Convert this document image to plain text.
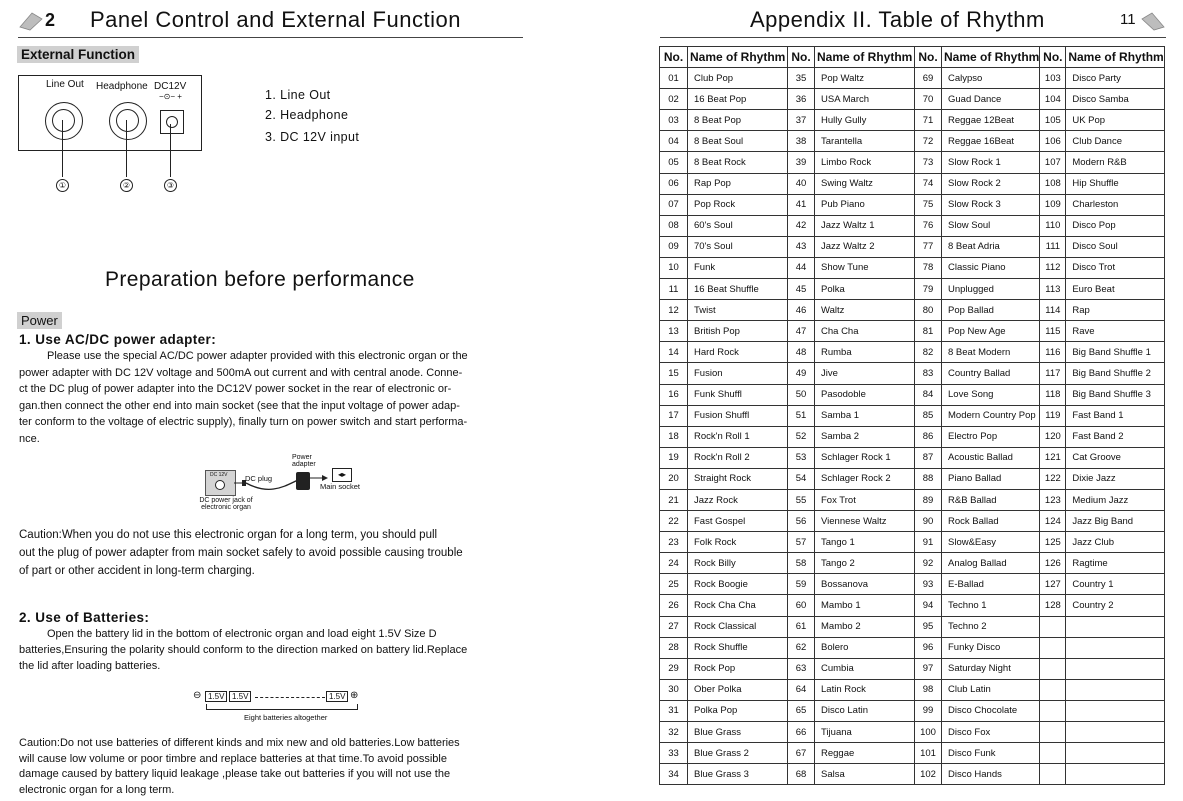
2 Panel Control and External Function
External Function
Line Out Headphone DC12V
−⊙− +
①	②	③
1. Line Out
2. Headphone
3. DC 12V input
Preparation before performance
Power
1. Use AC/DC power adapter:
Please use the special AC/DC power adapter provided with this electronic organ or the
power adapter with DC 12V voltage and 500mA out current and with central anode. Conne-
ct the DC plug of power adapter into the DC12V power socket in the rear of electronic or-
gan.then connect the other end into main socket (see that the input voltage of power adap-
ter conform to the voltage of electric supply), finally turn on power switch and start performa-
nce.
DC 12V DC plug
Power adapter
◂▸
Main socket
DC power jack of electronic organ
Caution:When you do not use this electronic organ for a long term, you should pull
out the plug of power adapter from main socket safely to avoid possible causing trouble
of part or other accident in long-term charging.
2. Use of Batteries:
Open the battery lid in the bottom of electronic organ and load eight 1.5V Size D
batteries,Ensuring the polarity should conform to the direction marked on battery lid.Replace
the lid after loading batteries.
⊖ 1.5V 1.5V	1.5V ⊕
Eight batteries altogether
Caution:Do not use batteries of different kinds and mix new and old batteries.Low batteries
will cause low volume or poor timbre and replace batteries at that time.To avoid possible
damage caused by battery liquid leakage ,please take out batteries if you will not use the
electronic organ for a long term.
Appendix II. Table of Rhythm	11
No.	Name of Rhythm	No.	Name of Rhythm	No.	Name of Rhythm	No.	Name of Rhythm
01	Club Pop	35	Pop Waltz	69	Calypso	103	Disco Party
02	16 Beat Pop	36	USA March	70	Guad Dance	104	Disco Samba
03	8 Beat Pop	37	Hully Gully	71	Reggae 12Beat	105	UK Pop
04	8 Beat Soul	38	Tarantella	72	Reggae 16Beat	106	Club Dance
05	8 Beat Rock	39	Limbo Rock	73	Slow Rock 1	107	Modern R&B
06	Rap Pop	40	Swing Waltz	74	Slow Rock 2	108	Hip Shuffle
07	Pop Rock	41	Pub Piano	75	Slow Rock 3	109	Charleston
08	60's Soul	42	Jazz Waltz 1	76	Slow Soul	110	Disco Pop
09	70's Soul	43	Jazz Waltz 2	77	8 Beat Adria	111	Disco Soul
10	Funk	44	Show Tune	78	Classic Piano	112	Disco Trot
11	16 Beat Shuffle	45	Polka	79	Unplugged	113	Euro Beat
12	Twist	46	Waltz	80	Pop Ballad	114	Rap
13	British Pop	47	Cha Cha	81	Pop New Age	115	Rave
14	Hard Rock	48	Rumba	82	8 Beat Modern	116	Big Band Shuffle 1
15	Fusion	49	Jive	83	Country Ballad	117	Big Band Shuffle 2
16	Funk Shuffl	50	Pasodoble	84	Love Song	118	Big Band Shuffle 3
17	Fusion Shuffl	51	Samba 1	85	Modern Country Pop	119	Fast Band 1
18	Rock'n Roll 1	52	Samba 2	86	Electro Pop	120	Fast Band 2
19	Rock'n Roll 2	53	Schlager Rock 1	87	Acoustic Ballad	121	Cat Groove
20	Straight Rock	54	Schlager Rock 2	88	Piano Ballad	122	Dixie Jazz
21	Jazz Rock	55	Fox Trot	89	R&B Ballad	123	Medium Jazz
22	Fast Gospel	56	Viennese Waltz	90	Rock Ballad	124	Jazz Big Band
23	Folk Rock	57	Tango 1	91	Slow&Easy	125	Jazz Club
24	Rock Billy	58	Tango 2	92	Analog Ballad	126	Ragtime
25	Rock Boogie	59	Bossanova	93	E-Ballad	127	Country 1
26	Rock Cha Cha	60	Mambo 1	94	Techno 1	128	Country 2
27	Rock Classical	61	Mambo 2	95	Techno 2		
28	Rock Shuffle	62	Bolero	96	Funky Disco		
29	Rock Pop	63	Cumbia	97	Saturday Night		
30	Ober Polka	64	Latin Rock	98	Club Latin		
31	Polka Pop	65	Disco Latin	99	Disco Chocolate		
32	Blue Grass	66	Tijuana	100	Disco Fox		
33	Blue Grass 2	67	Reggae	101	Disco Funk		
34	Blue Grass 3	68	Salsa	102	Disco Hands		
